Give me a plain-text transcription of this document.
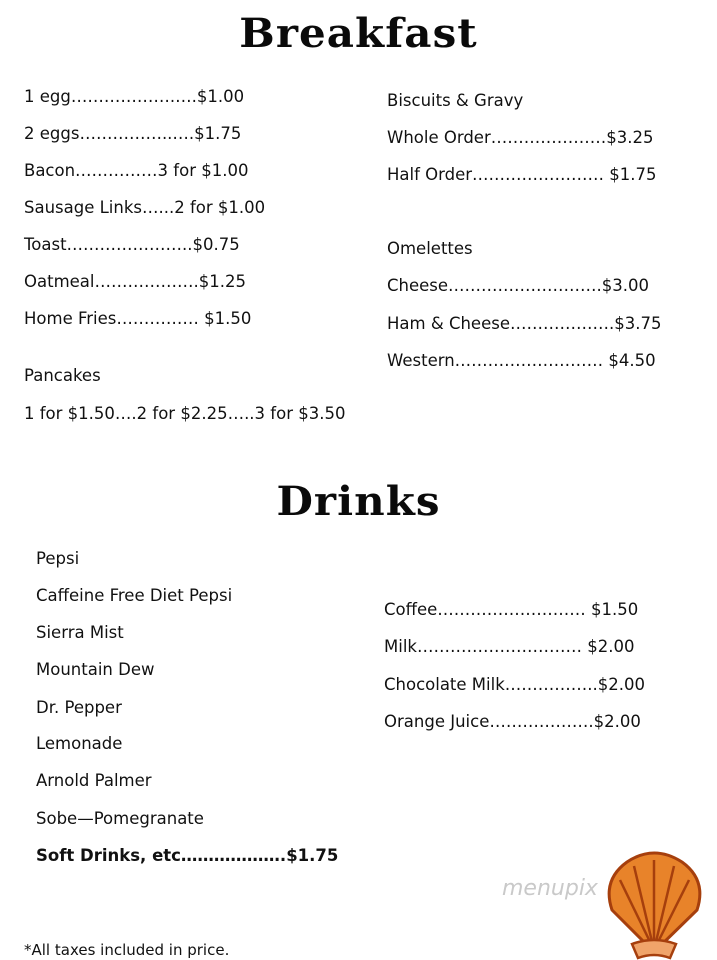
Breakfast
1 egg……………….….$1.00
2 eggs……………..….$1.75
Bacon……………3 for $1.00
Sausage Links…...2 for $1.00
Toast…………………..$0.75
Oatmeal……………….$1.25
Home Fries…………… $1.50
Pancakes
1 for $1.50….2 for $2.25…..3 for $3.50
Biscuits & Gravy
Whole Order…………………$3.25
Half Order…………………… $1.75
Omelettes
Cheese……………………….$3.00
Ham & Cheese……………….$3.75
Western……………………… $4.50
Drinks
Pepsi
Caffeine Free Diet Pepsi
Sierra Mist
Mountain Dew
Dr. Pepper
Lemonade
Arnold Palmer
Sobe—Pomegranate
Soft Drinks, etc……………….$1.75
Coffee……………………… $1.50
Milk………………………… $2.00
Chocolate Milk……………..$2.00
Orange Juice……………….$2.00
*All taxes included in price.
menupix
